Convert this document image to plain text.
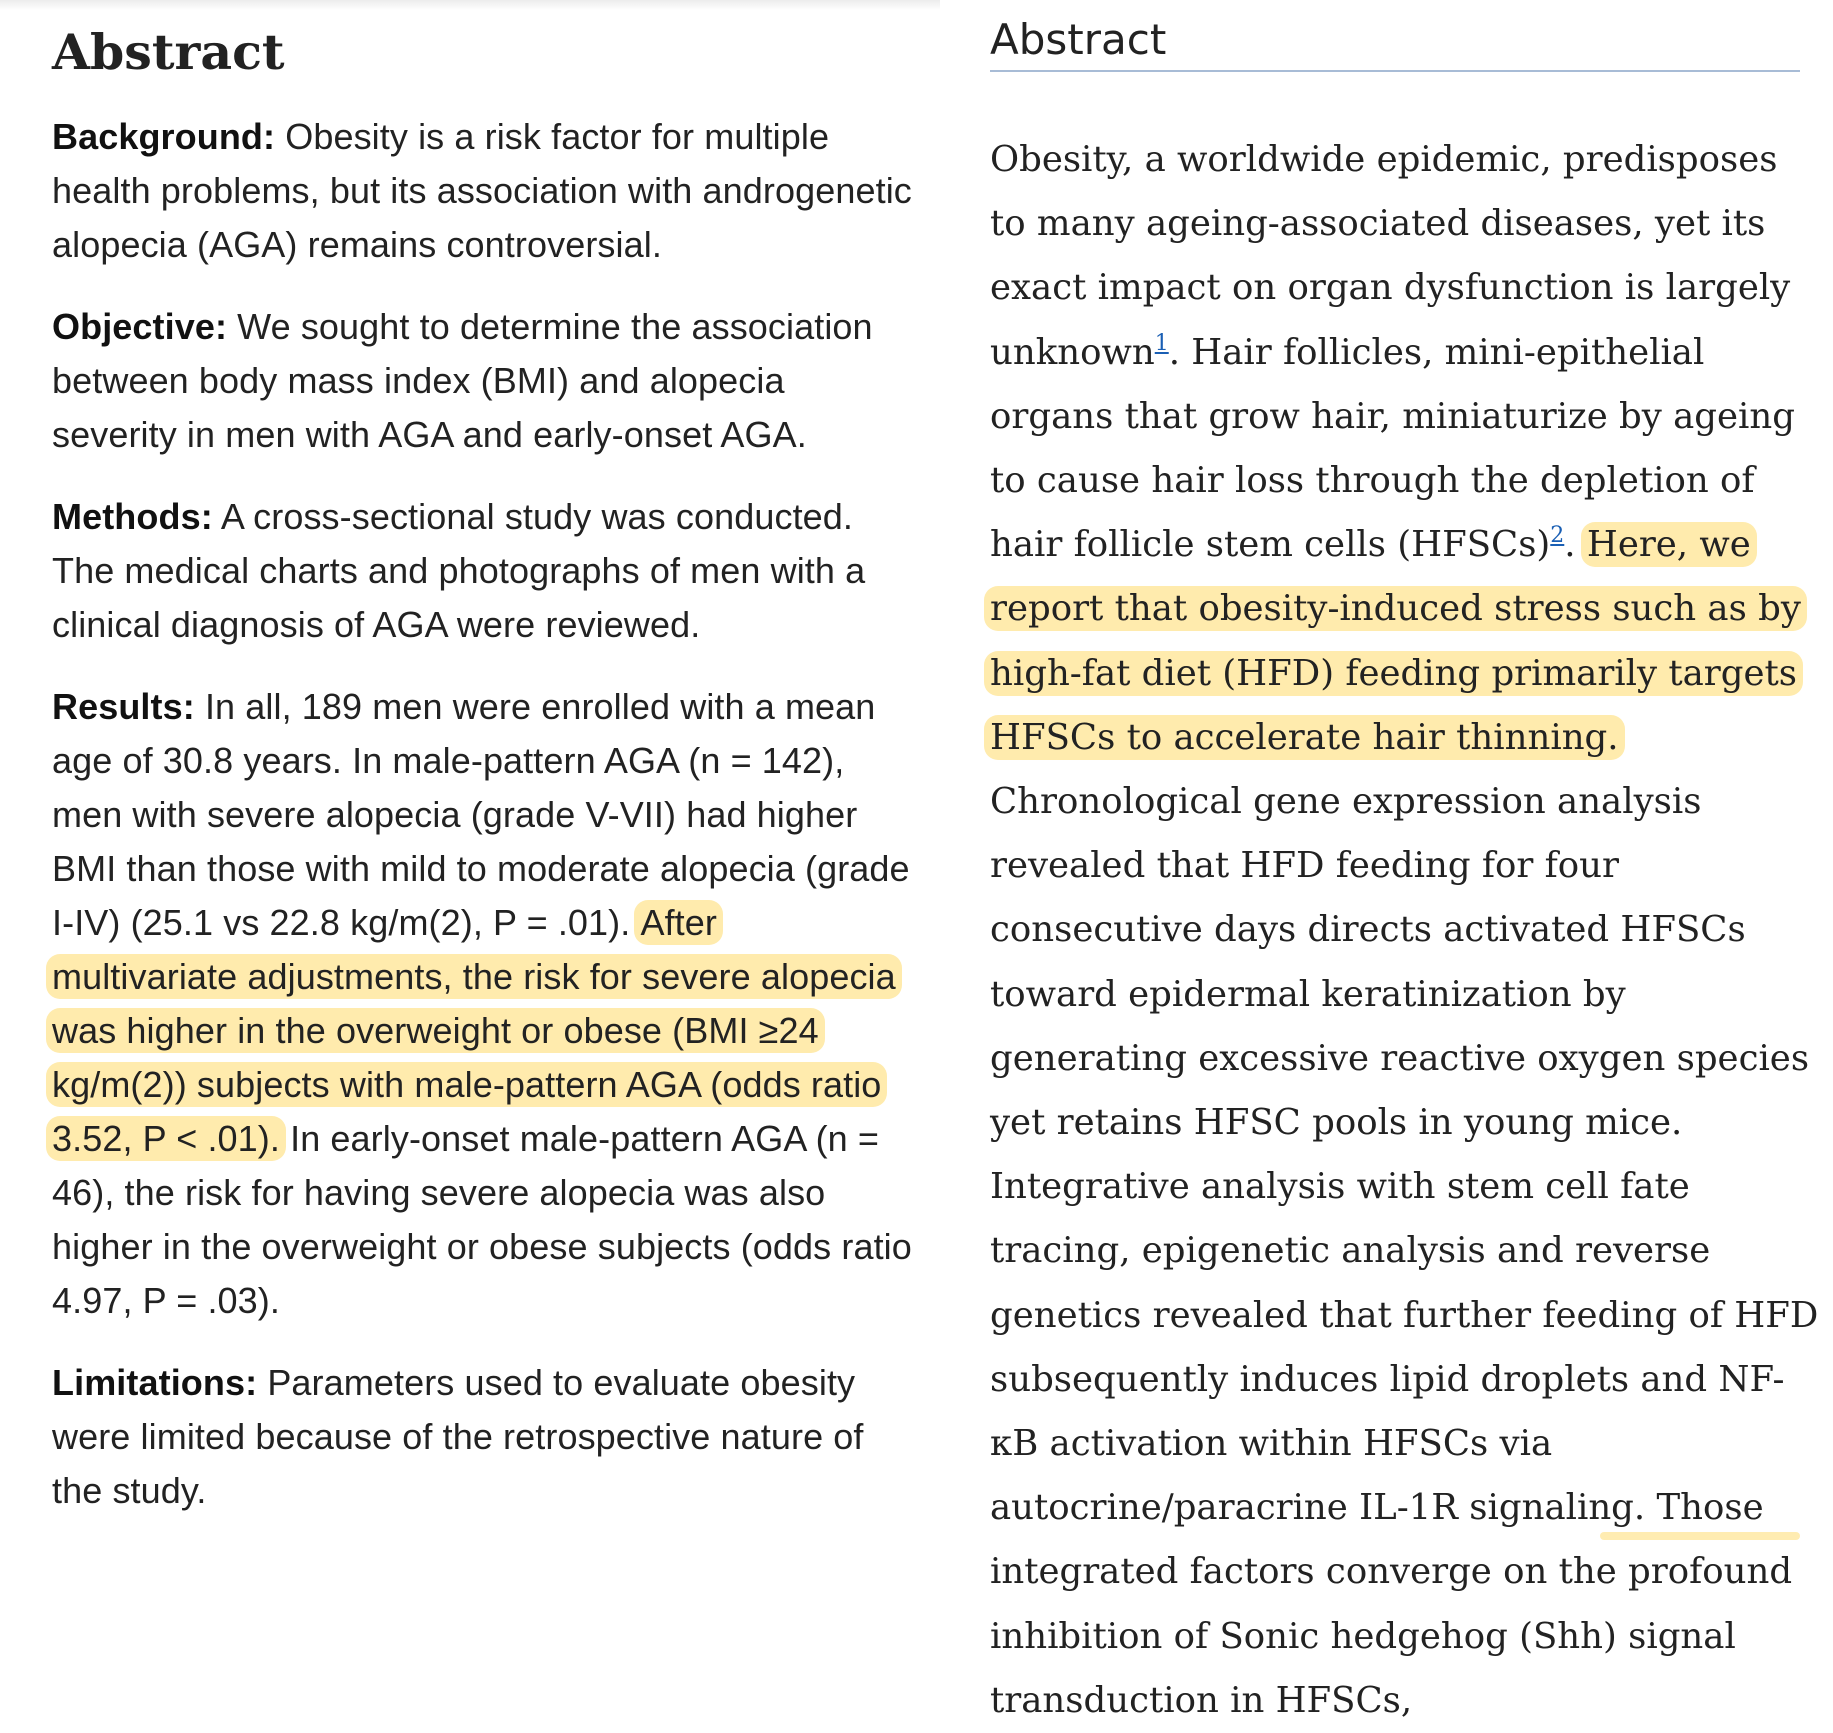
Abstract

Background: Obesity is a risk factor for multiple health problems, but its association with androgenetic alopecia (AGA) remains controversial.

Objective: We sought to determine the association between body mass index (BMI) and alopecia severity in men with AGA and early-onset AGA.

Methods: A cross-sectional study was conducted. The medical charts and photographs of men with a clinical diagnosis of AGA were reviewed.

Results: In all, 189 men were enrolled with a mean age of 30.8 years. In male-pattern AGA (n = 142), men with severe alopecia (grade V-VII) had higher BMI than those with mild to moderate alopecia (grade I-IV) (25.1 vs 22.8 kg/m(2), P = .01). After multivariate adjustments, the risk for severe alopecia was higher in the overweight or obese (BMI ≥24 kg/m(2)) subjects with male-pattern AGA (odds ratio 3.52, P < .01). In early-onset male-pattern AGA (n = 46), the risk for having severe alopecia was also higher in the overweight or obese subjects (odds ratio 4.97, P = .03).

Limitations: Parameters used to evaluate obesity were limited because of the retrospective nature of the study.

Abstract

Obesity, a worldwide epidemic, predisposes to many ageing-associated diseases, yet its exact impact on organ dysfunction is largely unknown$^1$. Hair follicles, mini-epithelial organs that grow hair, miniaturize by ageing to cause hair loss through the depletion of hair follicle stem cells (HFSCs)$^2$. Here, we report that obesity-induced stress such as by high-fat diet (HFD) feeding primarily targets HFSCs to accelerate hair thinning. Chronological gene expression analysis revealed that HFD feeding for four consecutive days directs activated HFSCs toward epidermal keratinization by generating excessive reactive oxygen species yet retains HFSC pools in young mice. Integrative analysis with stem cell fate tracing, epigenetic analysis and reverse genetics revealed that further feeding of HFD subsequently induces lipid droplets and NF-κB activation within HFSCs via autocrine/paracrine IL-1R signaling. Those integrated factors converge on the profound inhibition of Sonic hedgehog (Shh) signal transduction in HFSCs,
